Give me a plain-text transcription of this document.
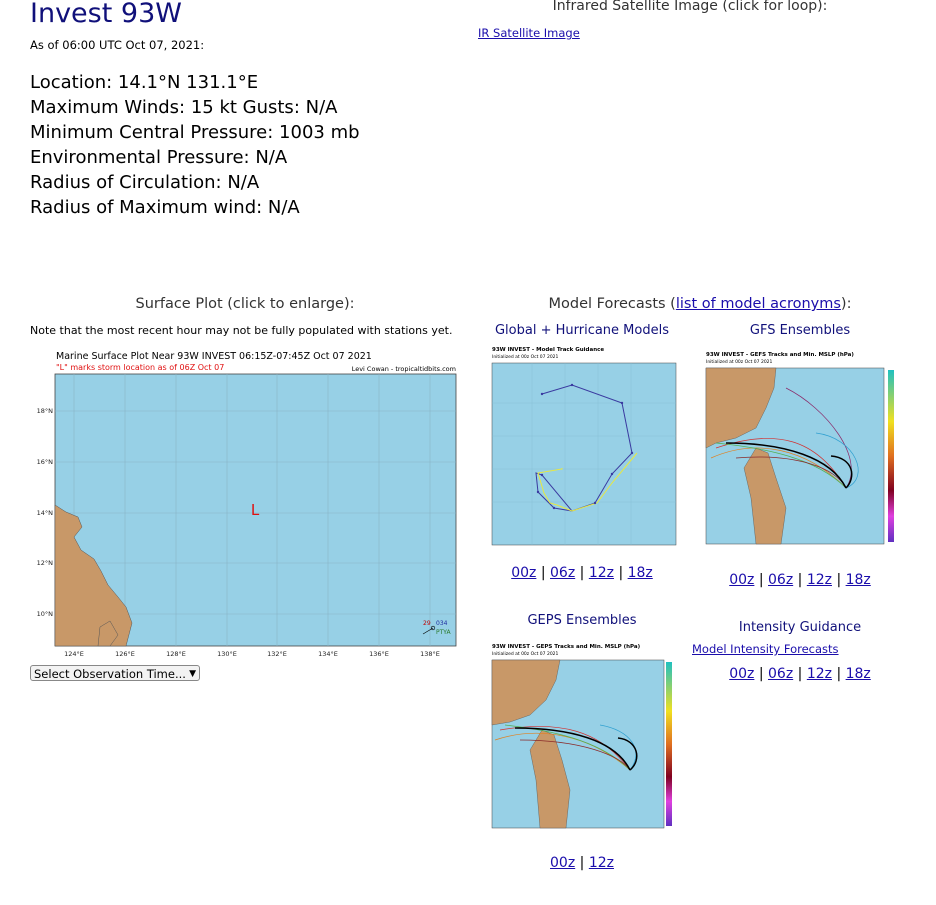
Invest 93W
As of 06:00 UTC Oct 07, 2021:
Location: 14.1°N 131.1°E
Maximum Winds: 15 kt Gusts: N/A
Minimum Central Pressure: 1003 mb
Environmental Pressure: N/A
Radius of Circulation: N/A
Radius of Maximum wind: N/A
Infrared Satellite Image (click for loop):
IR Satellite Image
Surface Plot (click to enlarge):
Note that the most recent hour may not be fully populated with stations yet.
Marine Surface Plot Near 93W INVEST 06:15Z-07:45Z Oct 07 2021
"L" marks storm location as of 06Z Oct 07	Levi Cowan - tropicaltidbits.com
18°N
16°N
14°N
12°N
10°N
124°E	126°E	128°E	130°E	132°E	134°E	136°E	138°E
L
29 034
PTYA
Select Observation Time... ▼
Model Forecasts (list of model acronyms):
Global + Hurricane Models
93W INVEST - Model Track Guidance
Initialized at 00z Oct 07 2021
00z | 06z | 12z | 18z
GFS Ensembles
93W INVEST - GEFS Tracks and Min. MSLP (hPa)
Initialized at 00z Oct 07 2021
00z | 06z | 12z | 18z
GEPS Ensembles
93W INVEST - GEPS Tracks and Min. MSLP (hPa)
Initialized at 00z Oct 07 2021
00z | 12z
Intensity Guidance
Model Intensity Forecasts
00z | 06z | 12z | 18z
